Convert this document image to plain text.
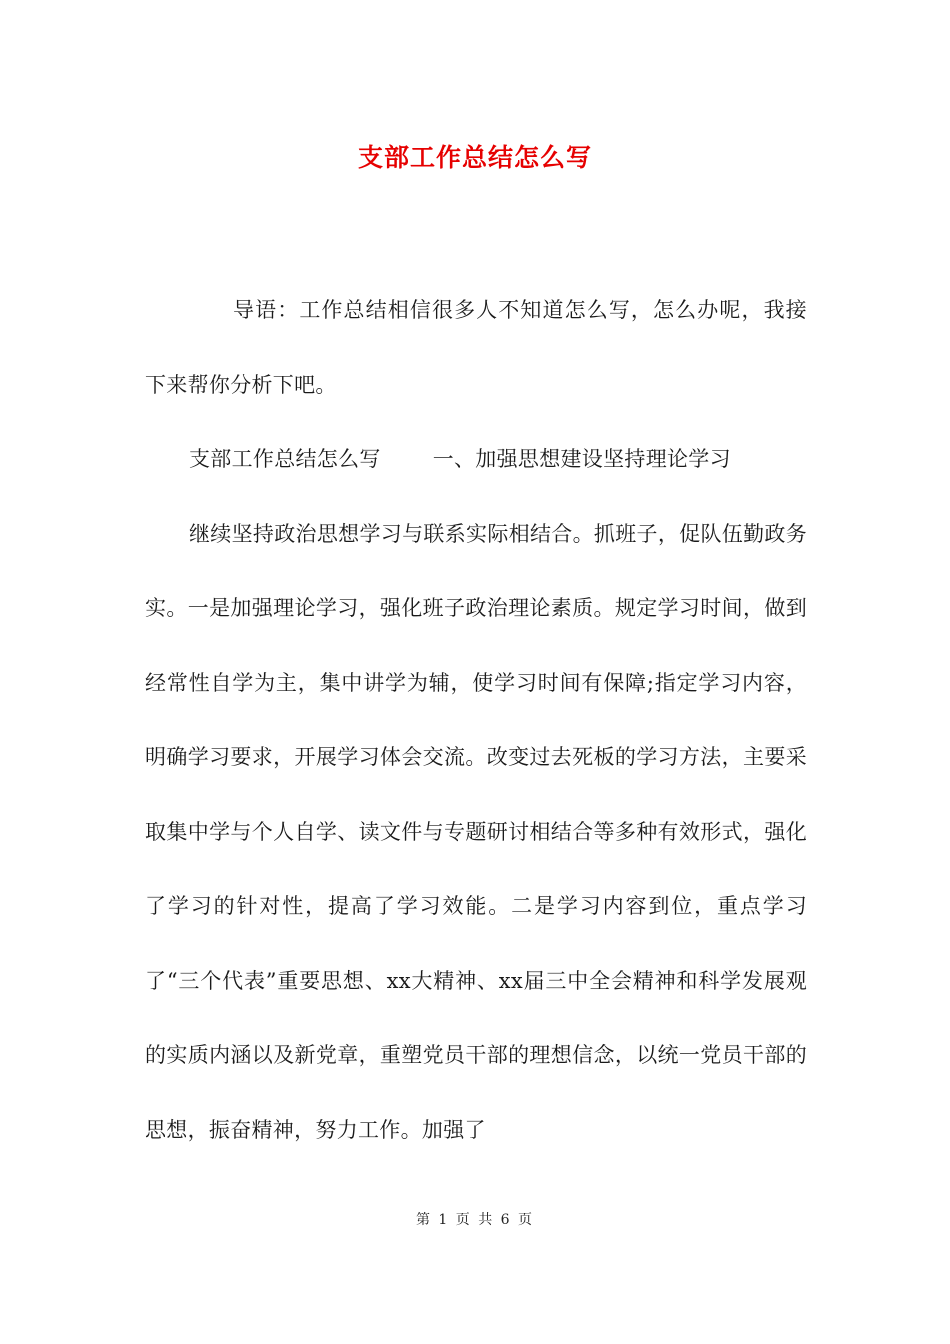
支部工作总结怎么写

导语：工作总结相信很多人不知道怎么写，怎么办呢，我接下来帮你分析下吧。

支部工作总结怎么写 一、加强思想建设坚持理论学习

继续坚持政治思想学习与联系实际相结合。抓班子，促队伍勤政务实。一是加强理论学习，强化班子政治理论素质。规定学习时间，做到经常性自学为主，集中讲学为辅，使学习时间有保障;指定学习内容，明确学习要求，开展学习体会交流。改变过去死板的学习方法，主要采取集中学与个人自学、读文件与专题研讨相结合等多种有效形式，强化了学习的针对性，提高了学习效能。二是学习内容到位，重点学习了“三个代表”重要思想、xx大精神、xx届三中全会精神和科学发展观的实质内涵以及新党章，重塑党员干部的理想信念，以统一党员干部的思想，振奋精神，努力工作。加强了

第 1 页 共 6 页
